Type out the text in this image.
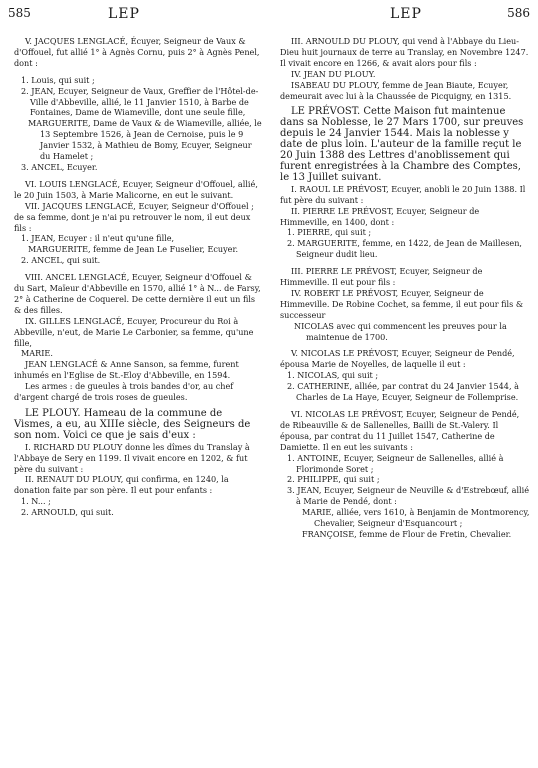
585	LEP	LEP	586

V. JACQUES LENGLACÉ, Écuyer, Seigneur de Vaux & d'Offouel, fut allié 1° à Agnès Cornu, puis 2° à Agnès Penel, dont :

1. Louis, qui suit ;

2. JEAN, Ecuyer, Seigneur de Vaux, Greffier de l'Hôtel-de-Ville d'Abbeville, allié, le 11 Janvier 1510, à Barbe de Fontaines, Dame de Wiameville, dont une seule fille,

MARGUERITE, Dame de Vaux & de Wiameville, alliée, le 13 Septembre 1526, à Jean de Cernoise, puis le 9 Janvier 1532, à Mathieu de Bomy, Ecuyer, Seigneur du Hamelet ;

3. ANCEL, Ecuyer.

VI. LOUIS LENGLACÉ, Ecuyer, Seigneur d'Offouel, allié, le 20 Juin 1503, à Marie Malicorne, en eut le suivant.

VII. JACQUES LENGLACÉ, Ecuyer, Seigneur d'Offouel ; de sa femme, dont je n'ai pu retrouver le nom, il eut deux fils :

1. JEAN, Ecuyer : il n'eut qu'une fille,

MARGUERITE, femme de Jean Le Fuselier, Ecuyer.

2. ANCEL, qui suit.

VIII. ANCEL LENGLACÉ, Ecuyer, Seigneur d'Offouel & du Sart, Maïeur d'Abbeville en 1570, allié 1° à N... de Farsy, 2° à Catherine de Coquerel. De cette dernière il eut un fils & des filles.

IX. GILLES LENGLACÉ, Ecuyer, Procureur du Roi à Abbeville, n'eut, de Marie Le Carbonier, sa femme, qu'une fille,

MARIE.

JEAN LENGLACÉ & Anne Sanson, sa femme, furent inhumés en l'Eglise de St.-Eloy d'Abbeville, en 1594.

Les armes : de gueules à trois bandes d'or, au chef d'argent chargé de trois roses de gueules.

LE PLOUY. Hameau de la commune de Vismes, a eu, au XIIIe siècle, des Seigneurs de son nom. Voici ce que je sais d'eux :

I. RICHARD DU PLOUY donne les dîmes du Translay à l'Abbaye de Sery en 1199. Il vivait encore en 1202, & fut père du suivant :

II. RENAUT DU PLOUY, qui confirma, en 1240, la donation faite par son père. Il eut pour enfants :

1. N... ;

2. ARNOULD, qui suit.

III. ARNOULD DU PLOUY, qui vend à l'Abbaye du Lieu-Dieu huit journaux de terre au Translay, en Novembre 1247. Il vivait encore en 1266, & avait alors pour fils :

IV. JEAN DU PLOUY.

ISABEAU DU PLOUY, femme de Jean Biaute, Ecuyer, demeurait avec lui à la Chaussée de Picquigny, en 1315.

LE PRÉVOST. Cette Maison fut maintenue dans sa Noblesse, le 27 Mars 1700, sur preuves depuis le 24 Janvier 1544. Mais la noblesse y date de plus loin. L'auteur de la famille reçut le 20 Juin 1388 des Lettres d'anoblissement qui furent enregistrées à la Chambre des Comptes, le 13 Juillet suivant.

I. RAOUL LE PRÉVOST, Ecuyer, anobli le 20 Juin 1388. Il fut père du suivant :

II. PIERRE LE PRÉVOST, Ecuyer, Seigneur de Himmeville, en 1400, dont :

1. PIERRE, qui suit ;

2. MARGUERITE, femme, en 1422, de Jean de Maillesen, Seigneur dudit lieu.

III. PIERRE LE PRÉVOST, Ecuyer, Seigneur de Himmeville. Il eut pour fils :

IV. ROBERT LE PRÉVOST, Ecuyer, Seigneur de Himmeville. De Robine Cochet, sa femme, il eut pour fils & successeur

NICOLAS avec qui commencent les preuves pour la maintenue de 1700.

V. NICOLAS LE PRÉVOST, Ecuyer, Seigneur de Pendé, épousa Marie de Noyelles, de laquelle il eut :

1. NICOLAS, qui suit ;

2. CATHERINE, alliée, par contrat du 24 Janvier 1544, à Charles de La Haye, Ecuyer, Seigneur de Follemprise.

VI. NICOLAS LE PRÉVOST, Ecuyer, Seigneur de Pendé, de Ribeauville & de Sallenelles, Bailli de St.-Valery. Il épousa, par contrat du 11 Juillet 1547, Catherine de Damiette. Il en eut les suivants :

1. ANTOINE, Ecuyer, Seigneur de Sallenelles, allié à Florimonde Soret ;

2. PHILIPPE, qui suit ;

3. JEAN, Ecuyer, Seigneur de Neuville & d'Estrebœuf, allié à Marie de Pendé, dont :

MARIE, alliée, vers 1610, à Benjamin de Montmorency, Chevalier, Seigneur d'Esquancourt ;

FRANÇOISE, femme de Flour de Fretin, Chevalier.
